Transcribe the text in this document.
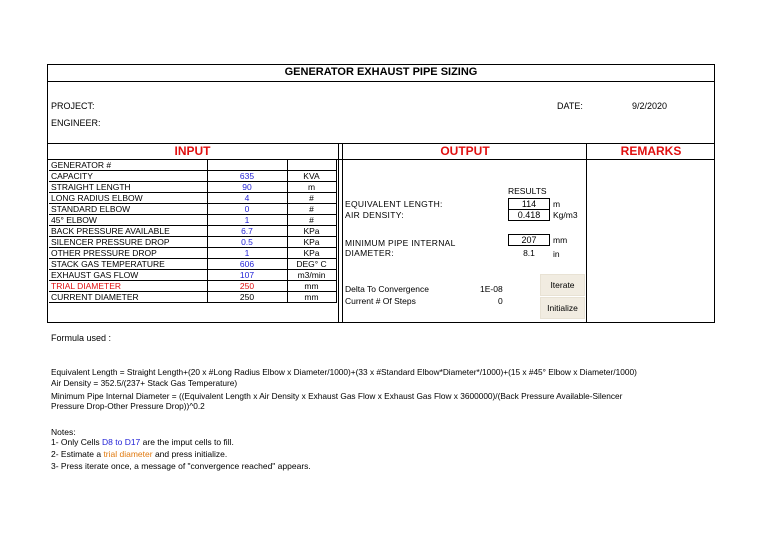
GENERATOR EXHAUST PIPE SIZING
PROJECT:
ENGINEER:
DATE:	9/2/2020
INPUT	OUTPUT	REMARKS
GENERATOR #		
CAPACITY	635	KVA
STRAIGHT LENGTH	90	m
LONG RADIUS ELBOW	4	#
STANDARD ELBOW	0	#
45° ELBOW	1	#
BACK PRESSURE AVAILABLE	6.7	KPa
SILENCER PRESSURE DROP	0.5	KPa
OTHER PRESSURE DROP	1	KPa
STACK GAS TEMPERATURE	606	DEG° C
EXHAUST GAS FLOW	107	m3/min
TRIAL DIAMETER	250	mm
CURRENT DIAMETER	250	mm
RESULTS
EQUIVALENT LENGTH:	114	m
AIR DENSITY:	0.418	Kg/m3
MINIMUM PIPE INTERNAL
DIAMETER:
207	mm
8.1	in
Delta To Convergence	1E-08
Current # Of Steps	0
Iterate
Initialize
Formula used :
Equivalent Length = Straight Length+(20 x #Long Radius Elbow x Diameter/1000)+(33 x #Standard Elbow*Diameter*/1000)+(15 x #45° Elbow x Diameter/1000)
Air Density = 352.5/(237+ Stack Gas Temperature)
Minimum Pipe Internal Diameter = ((Equivalent Length x Air Density x Exhaust Gas Flow x Exhaust Gas Flow x 3600000)/(Back Pressure Available-Silencer
Pressure Drop-Other Pressure Drop))^0.2
Notes:
1- Only Cells D8 to D17 are the imput cells to fill.
2- Estimate a trial diameter and press initialize.
3- Press iterate once, a message of "convergence reached" appears.
